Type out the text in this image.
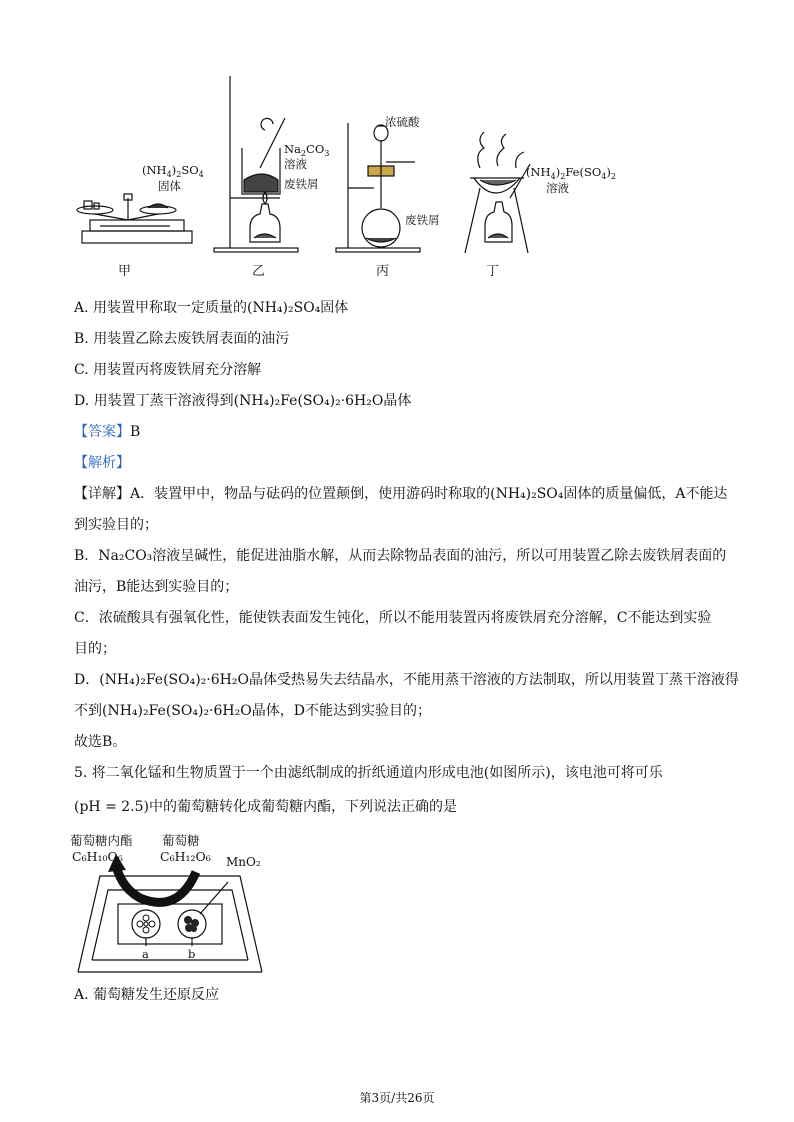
$(NH_4)_2SO_4$
固体
甲
$Na_2CO_3$
溶液
废铁屑
乙
浓硫酸
废铁屑
丙
$(NH_4)_2Fe(SO_4)_2$
溶液
丁
A. 用装置甲称取一定质量的(NH₄)₂SO₄固体
B. 用装置乙除去废铁屑表面的油污
C. 用装置丙将废铁屑充分溶解
D. 用装置丁蒸干溶液得到(NH₄)₂Fe(SO₄)₂·6H₂O晶体
【答案】B
【解析】
【详解】A．装置甲中，物品与砝码的位置颠倒，使用游码时称取的(NH₄)₂SO₄固体的质量偏低，A不能达
到实验目的；
B．Na₂CO₃溶液呈碱性，能促进油脂水解，从而去除物品表面的油污，所以可用装置乙除去废铁屑表面的
油污，B能达到实验目的；
C．浓硫酸具有强氧化性，能使铁表面发生钝化，所以不能用装置丙将废铁屑充分溶解，C不能达到实验
目的；
D．(NH₄)₂Fe(SO₄)₂·6H₂O晶体受热易失去结晶水，不能用蒸干溶液的方法制取，所以用装置丁蒸干溶液得
不到(NH₄)₂Fe(SO₄)₂·6H₂O晶体，D不能达到实验目的；
故选B。
5. 将二氧化锰和生物质置于一个由滤纸制成的折纸通道内形成电池(如图所示)，该电池可将可乐
(pH = 2.5)中的葡萄糖转化成葡萄糖内酯，下列说法正确的是
葡萄糖内酯 葡萄糖
C₆H₁₀O₆	C₆H₁₂O₆ MnO₂
a	b
A. 葡萄糖发生还原反应
第3页/共26页
